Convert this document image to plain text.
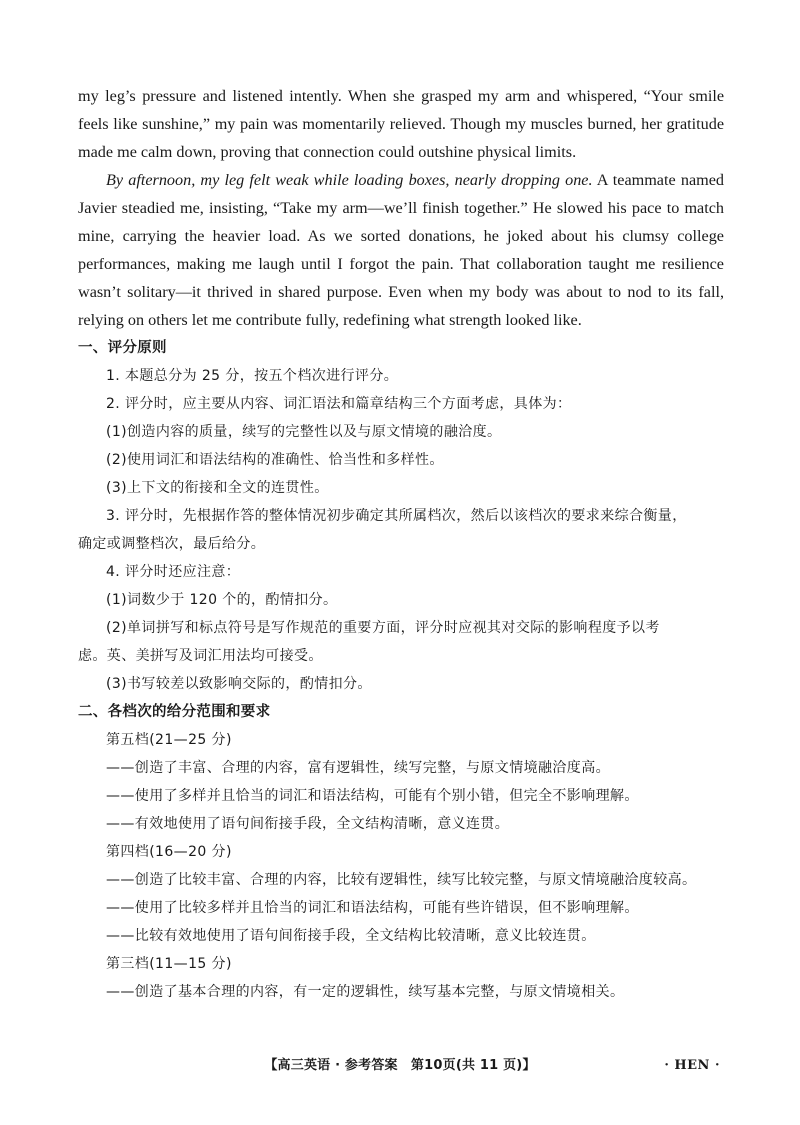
my leg’s pressure and listened intently. When she grasped my arm and whispered, “Your smile feels like sunshine,” my pain was momentarily relieved. Though my muscles burned, her gratitude made me calm down, proving that connection could outshine physical limits.

By afternoon, my leg felt weak while loading boxes, nearly dropping one. A teammate named Javier steadied me, insisting, “Take my arm—we’ll finish together.” He slowed his pace to match mine, carrying the heavier load. As we sorted donations, he joked about his clumsy college performances, making me laugh until I forgot the pain. That collaboration taught me resilience wasn’t solitary—it thrived in shared purpose. Even when my body was about to nod to its fall, relying on others let me contribute fully, redefining what strength looked like.

一、评分原则

1. 本题总分为 25 分，按五个档次进行评分。

2. 评分时，应主要从内容、词汇语法和篇章结构三个方面考虑，具体为：

(1)创造内容的质量，续写的完整性以及与原文情境的融洽度。

(2)使用词汇和语法结构的准确性、恰当性和多样性。

(3)上下文的衔接和全文的连贯性。

3. 评分时，先根据作答的整体情况初步确定其所属档次，然后以该档次的要求来综合衡量，

确定或调整档次，最后给分。

4. 评分时还应注意：

(1)词数少于 120 个的，酌情扣分。

(2)单词拼写和标点符号是写作规范的重要方面，评分时应视其对交际的影响程度予以考

虑。英、美拼写及词汇用法均可接受。

(3)书写较差以致影响交际的，酌情扣分。

二、各档次的给分范围和要求

第五档(21—25 分)

——创造了丰富、合理的内容，富有逻辑性，续写完整，与原文情境融洽度高。

——使用了多样并且恰当的词汇和语法结构，可能有个别小错，但完全不影响理解。

——有效地使用了语句间衔接手段，全文结构清晰，意义连贯。

第四档(16—20 分)

——创造了比较丰富、合理的内容，比较有逻辑性，续写比较完整，与原文情境融洽度较高。

——使用了比较多样并且恰当的词汇和语法结构，可能有些许错误，但不影响理解。

——比较有效地使用了语句间衔接手段，全文结构比较清晰，意义比较连贯。

第三档(11—15 分)

——创造了基本合理的内容，有一定的逻辑性，续写基本完整，与原文情境相关。

【高三英语 · 参考答案　第10页(共 11 页)】	· HEN ·
